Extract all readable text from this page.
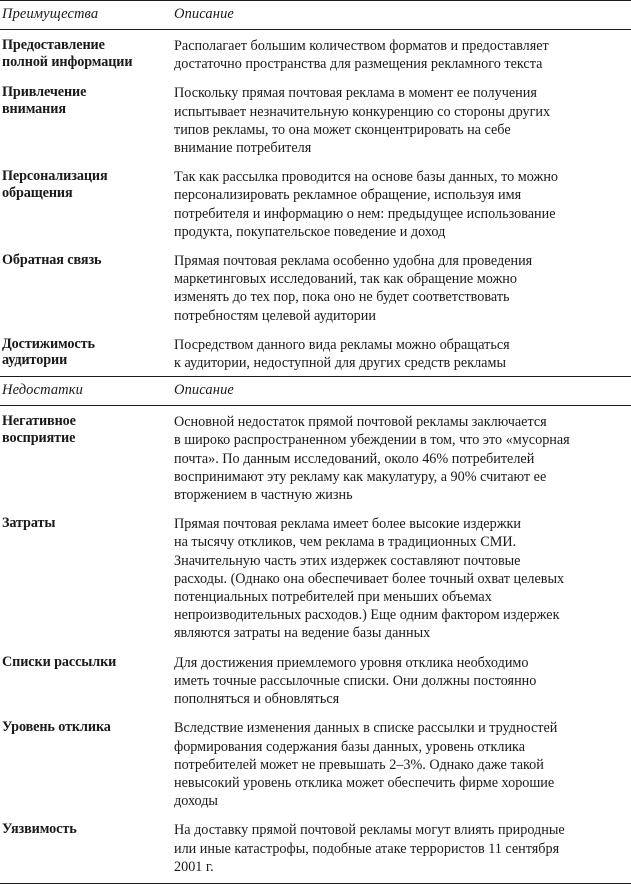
Преимущества	Описание

Предоставление
полной информации	Располагает большим количеством форматов и предоставляет
достаточно пространства для размещения рекламного текста

Привлечение
внимания	Поскольку прямая почтовая реклама в момент ее получения
испытывает незначительную конкуренцию со стороны других
типов рекламы, то она может сконцентрировать на себе
внимание потребителя

Персонализация
обращения	Так как рассылка проводится на основе базы данных, то можно
персонализировать рекламное обращение, используя имя
потребителя и информацию о нем: предыдущее использование
продукта, покупательское поведение и доход

Обратная связь	Прямая почтовая реклама особенно удобна для проведения
маркетинговых исследований, так как обращение можно
изменять до тех пор, пока оно не будет соответствовать
потребностям целевой аудитории

Достижимость
аудитории	Посредством данного вида рекламы можно обращаться
к аудитории, недоступной для других средств рекламы

Недостатки	Описание

Негативное
восприятие	Основной недостаток прямой почтовой рекламы заключается
в широко распространенном убеждении в том, что это «мусорная
почта». По данным исследований, около 46% потребителей
воспринимают эту рекламу как макулатуру, а 90% считают ее
вторжением в частную жизнь

Затраты	Прямая почтовая реклама имеет более высокие издержки
на тысячу откликов, чем реклама в традиционных СМИ.
Значительную часть этих издержек составляют почтовые
расходы. (Однако она обеспечивает более точный охват целевых
потенциальных потребителей при меньших объемах
непроизводительных расходов.) Еще одним фактором издержек
являются затраты на ведение базы данных

Списки рассылки	Для достижения приемлемого уровня отклика необходимо
иметь точные рассылочные списки. Они должны постоянно
пополняться и обновляться

Уровень отклика	Вследствие изменения данных в списке рассылки и трудностей
формирования содержания базы данных, уровень отклика
потребителей может не превышать 2–3%. Однако даже такой
невысокий уровень отклика может обеспечить фирме хорошие
доходы

Уязвимость	На доставку прямой почтовой рекламы могут влиять природные
или иные катастрофы, подобные атаке террористов 11 сентября
2001 г.
